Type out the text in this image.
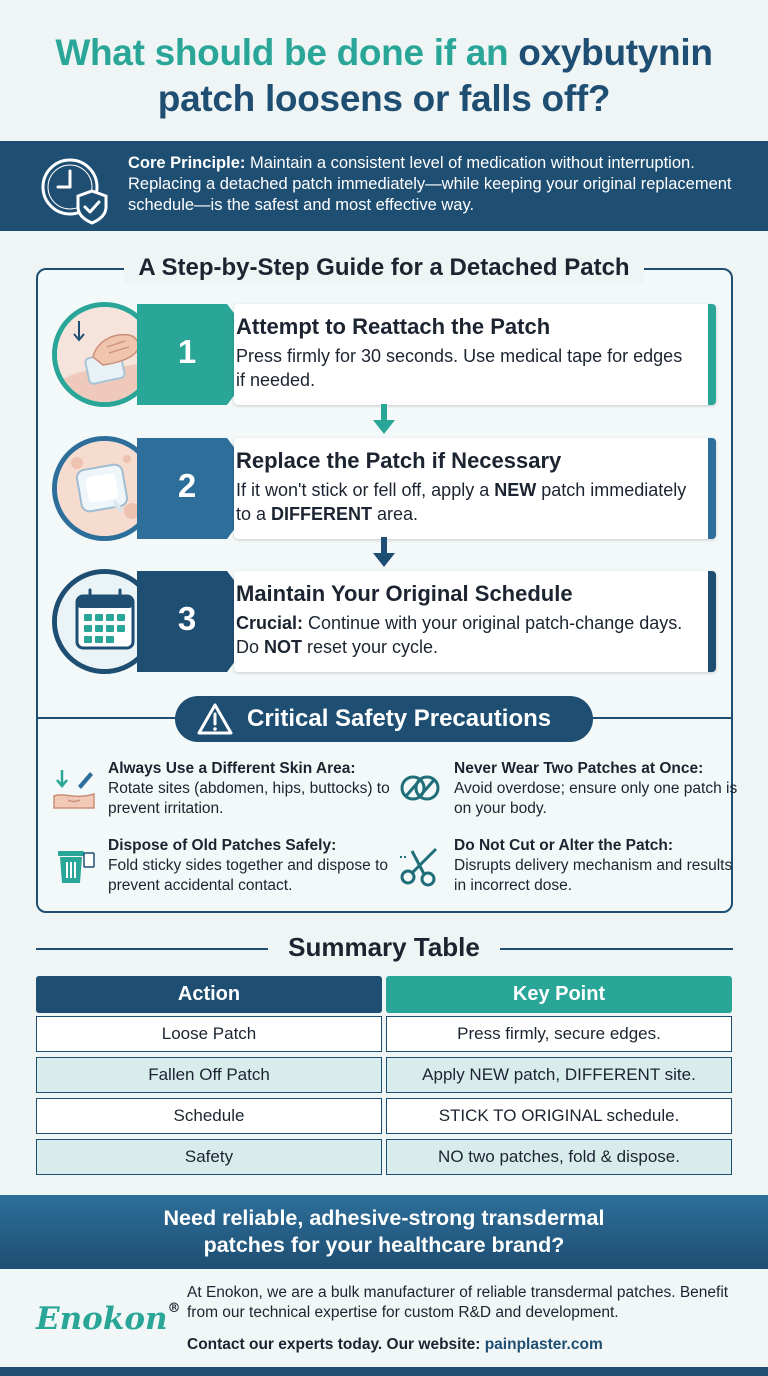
What should be done if an oxybutynin
patch loosens or falls off?
Core Principle: Maintain a consistent level of medication without interruption. Replacing a detached patch immediately—while keeping your original replacement schedule—is the safest and most effective way.
A Step-by-Step Guide for a Detached Patch
1
Attempt to Reattach the Patch
Press firmly for 30 seconds. Use medical tape for edges if needed.
2
Replace the Patch if Necessary
If it won't stick or fell off, apply a NEW patch immediately to a DIFFERENT area.
3
Maintain Your Original Schedule
Crucial: Continue with your original patch-change days. Do NOT reset your cycle.
Critical Safety Precautions
Always Use a Different Skin Area:
Rotate sites (abdomen, hips, buttocks) to prevent irritation.
Never Wear Two Patches at Once:
Avoid overdose; ensure only one patch is on your body.
Dispose of Old Patches Safely:
Fold sticky sides together and dispose to prevent accidental contact.
Do Not Cut or Alter the Patch:
Disrupts delivery mechanism and results in incorrect dose.
Summary Table
Action	Key Point
Loose Patch	Press firmly, secure edges.
Fallen Off Patch	Apply NEW patch, DIFFERENT site.
Schedule	STICK TO ORIGINAL schedule.
Safety	NO two patches, fold & dispose.
Need reliable, adhesive-strong transdermal
patches for your healthcare brand?
Enokon®
At Enokon, we are a bulk manufacturer of reliable transdermal patches. Benefit from our technical expertise for custom R&D and development.
Contact our experts today. Our website: painplaster.com
